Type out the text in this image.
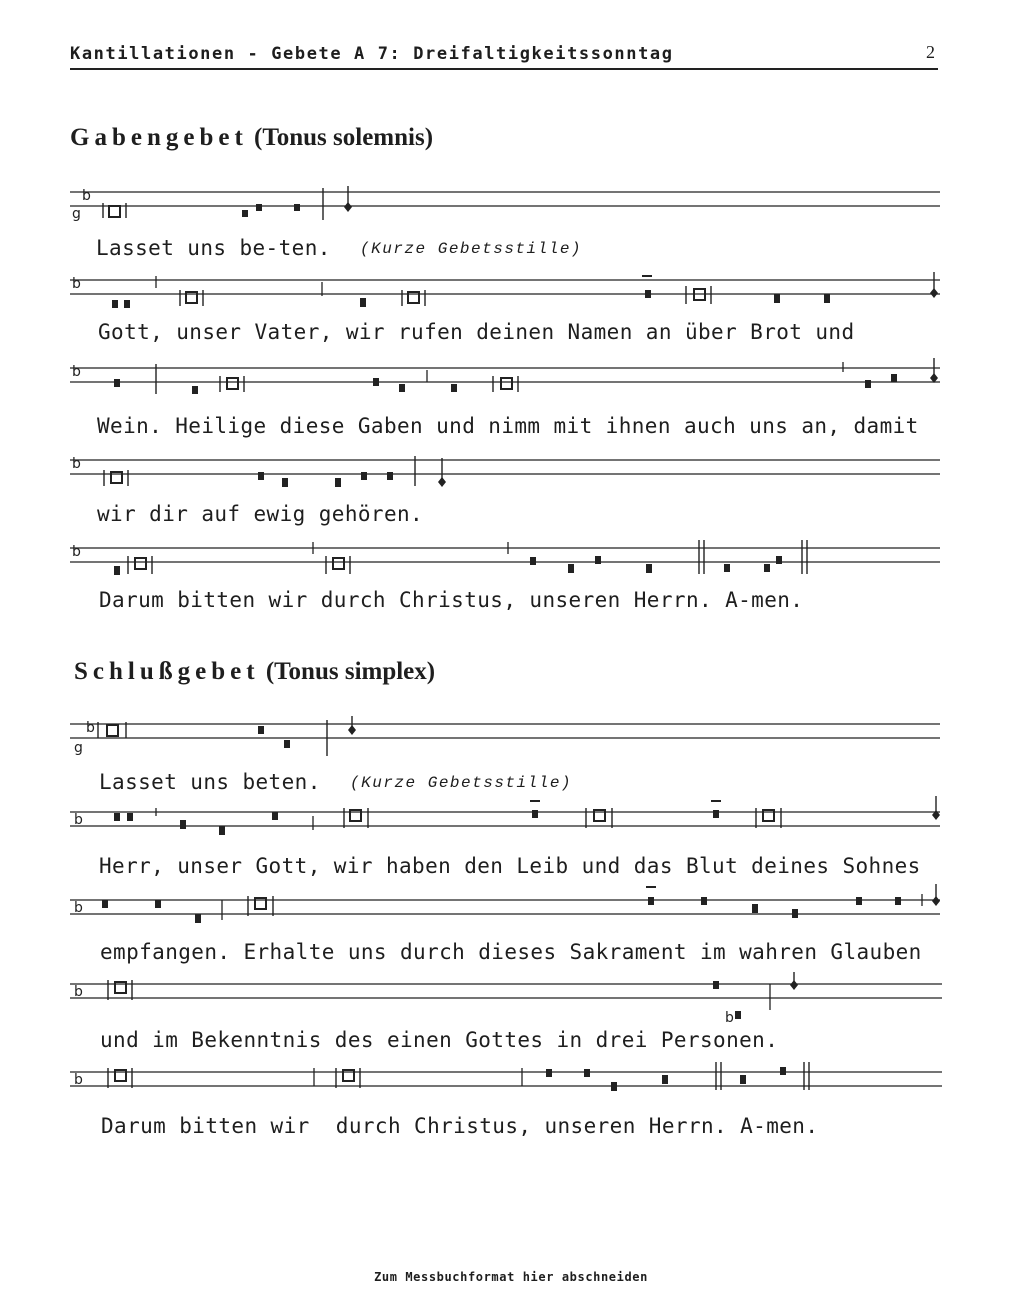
Kantillationen - Gebete A 7: Dreifaltigkeitssonntag	2
Gabengebet (Tonus solemnis)
b
g
Lasset uns be-ten. (Kurze Gebetsstille)
b
Gott, unser Vater, wir rufen deinen Namen an über Brot und
b
Wein. Heilige diese Gaben und nimm mit ihnen auch uns an, damit
b
wir dir auf ewig gehören.
b
Darum bitten wir durch Christus, unseren Herrn. A-men.
Schlußgebet (Tonus simplex)
b
g
Lasset uns beten. (Kurze Gebetsstille)
b
Herr, unser Gott, wir haben den Leib und das Blut deines Sohnes
b
empfangen. Erhalte uns durch dieses Sakrament im wahren Glauben
b
b
und im Bekenntnis des einen Gottes in drei Personen.
b
Darum bitten wir  durch Christus, unseren Herrn. A-men.
Zum Messbuchformat hier abschneiden
